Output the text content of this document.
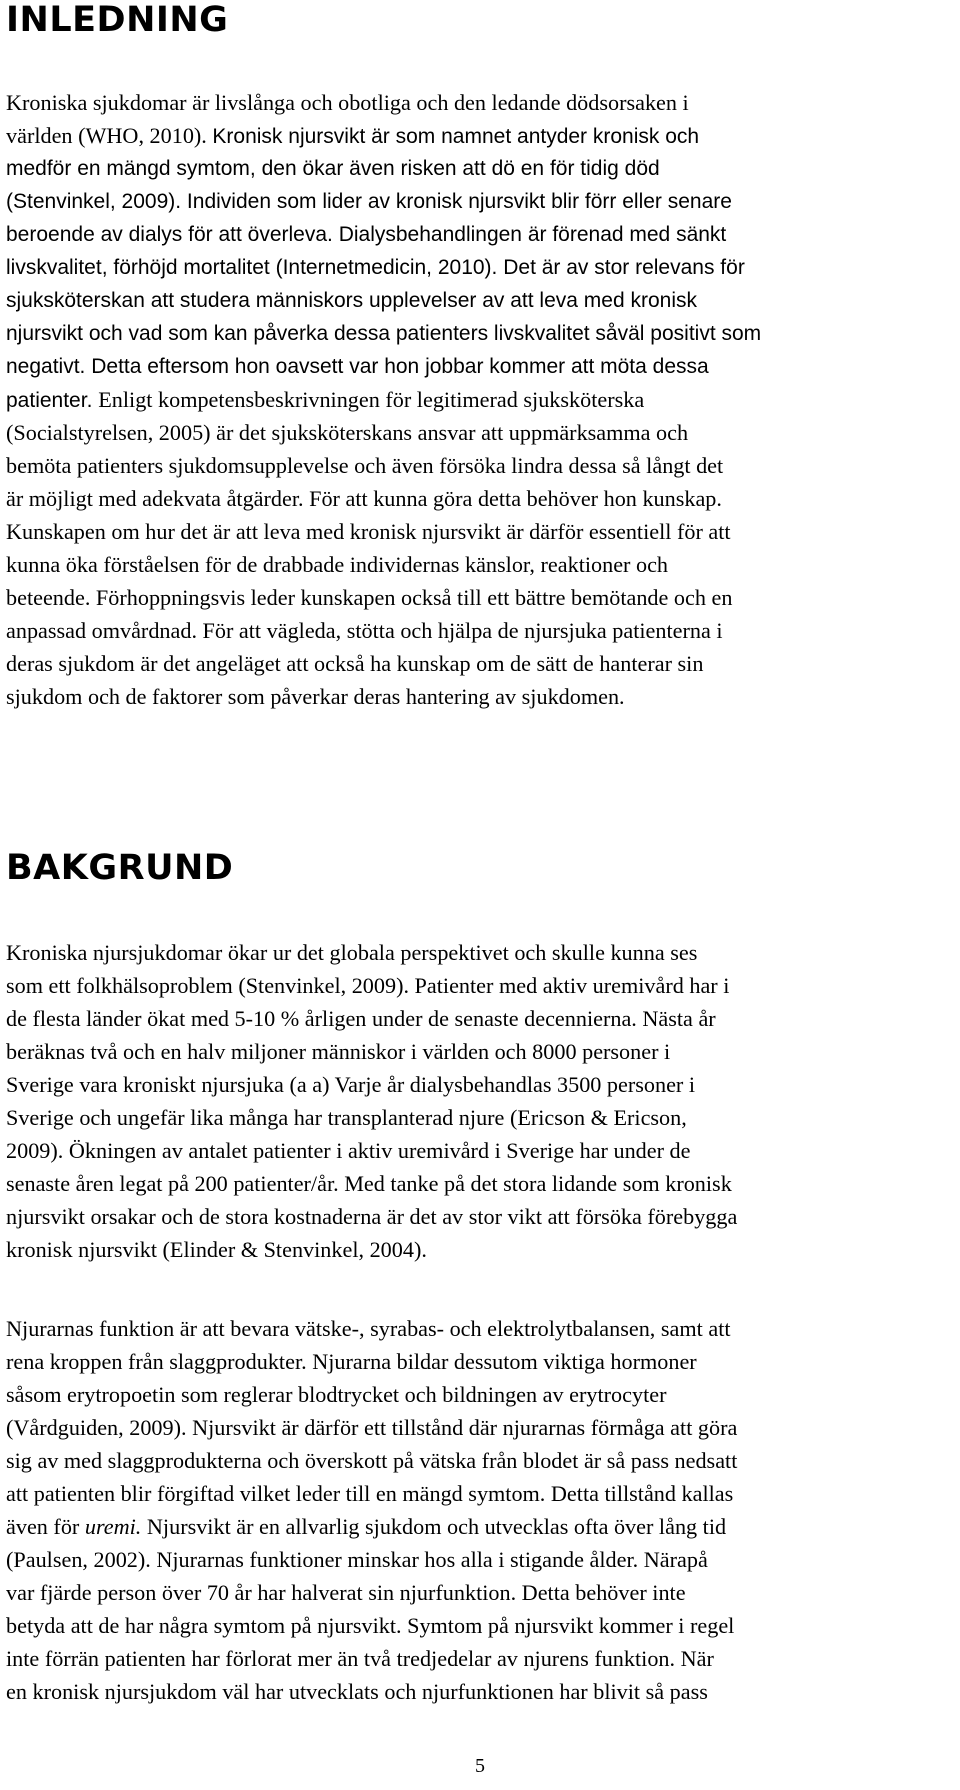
INLEDNING
Kroniska sjukdomar är livslånga och obotliga och den ledande dödsorsaken i
världen (WHO, 2010). Kronisk njursvikt är som namnet antyder kronisk och
medför en mängd symtom, den ökar även risken att dö en för tidig död
(Stenvinkel, 2009). Individen som lider av kronisk njursvikt blir förr eller senare
beroende av dialys för att överleva. Dialysbehandlingen är förenad med sänkt
livskvalitet, förhöjd mortalitet (Internetmedicin, 2010). Det är av stor relevans för
sjuksköterskan att studera människors upplevelser av att leva med kronisk
njursvikt och vad som kan påverka dessa patienters livskvalitet såväl positivt som
negativt. Detta eftersom hon oavsett var hon jobbar kommer att möta dessa
patienter. Enligt kompetensbeskrivningen för legitimerad sjuksköterska
(Socialstyrelsen, 2005) är det sjuksköterskans ansvar att uppmärksamma och
bemöta patienters sjukdomsupplevelse och även försöka lindra dessa så långt det
är möjligt med adekvata åtgärder. För att kunna göra detta behöver hon kunskap.
Kunskapen om hur det är att leva med kronisk njursvikt är därför essentiell för att
kunna öka förståelsen för de drabbade individernas känslor, reaktioner och
beteende. Förhoppningsvis leder kunskapen också till ett bättre bemötande och en
anpassad omvårdnad. För att vägleda, stötta och hjälpa de njursjuka patienterna i
deras sjukdom är det angeläget att också ha kunskap om de sätt de hanterar sin
sjukdom och de faktorer som påverkar deras hantering av sjukdomen.
BAKGRUND
Kroniska njursjukdomar ökar ur det globala perspektivet och skulle kunna ses
som ett folkhälsoproblem (Stenvinkel, 2009). Patienter med aktiv uremivård har i
de flesta länder ökat med 5-10 % årligen under de senaste decennierna. Nästa år
beräknas två och en halv miljoner människor i världen och 8000 personer i
Sverige vara kroniskt njursjuka (a a) Varje år dialysbehandlas 3500 personer i
Sverige och ungefär lika många har transplanterad njure (Ericson & Ericson,
2009). Ökningen av antalet patienter i aktiv uremivård i Sverige har under de
senaste åren legat på 200 patienter/år. Med tanke på det stora lidande som kronisk
njursvikt orsakar och de stora kostnaderna är det av stor vikt att försöka förebygga
kronisk njursvikt (Elinder & Stenvinkel, 2004).
Njurarnas funktion är att bevara vätske-, syrabas- och elektrolytbalansen, samt att
rena kroppen från slaggprodukter. Njurarna bildar dessutom viktiga hormoner
såsom erytropoetin som reglerar blodtrycket och bildningen av erytrocyter
(Vårdguiden, 2009). Njursvikt är därför ett tillstånd där njurarnas förmåga att göra
sig av med slaggprodukterna och överskott på vätska från blodet är så pass nedsatt
att patienten blir förgiftad vilket leder till en mängd symtom. Detta tillstånd kallas
även för uremi. Njursvikt är en allvarlig sjukdom och utvecklas ofta över lång tid
(Paulsen, 2002). Njurarnas funktioner minskar hos alla i stigande ålder. Närapå
var fjärde person över 70 år har halverat sin njurfunktion. Detta behöver inte
betyda att de har några symtom på njursvikt. Symtom på njursvikt kommer i regel
inte förrän patienten har förlorat mer än två tredjedelar av njurens funktion. När
en kronisk njursjukdom väl har utvecklats och njurfunktionen har blivit så pass

5
